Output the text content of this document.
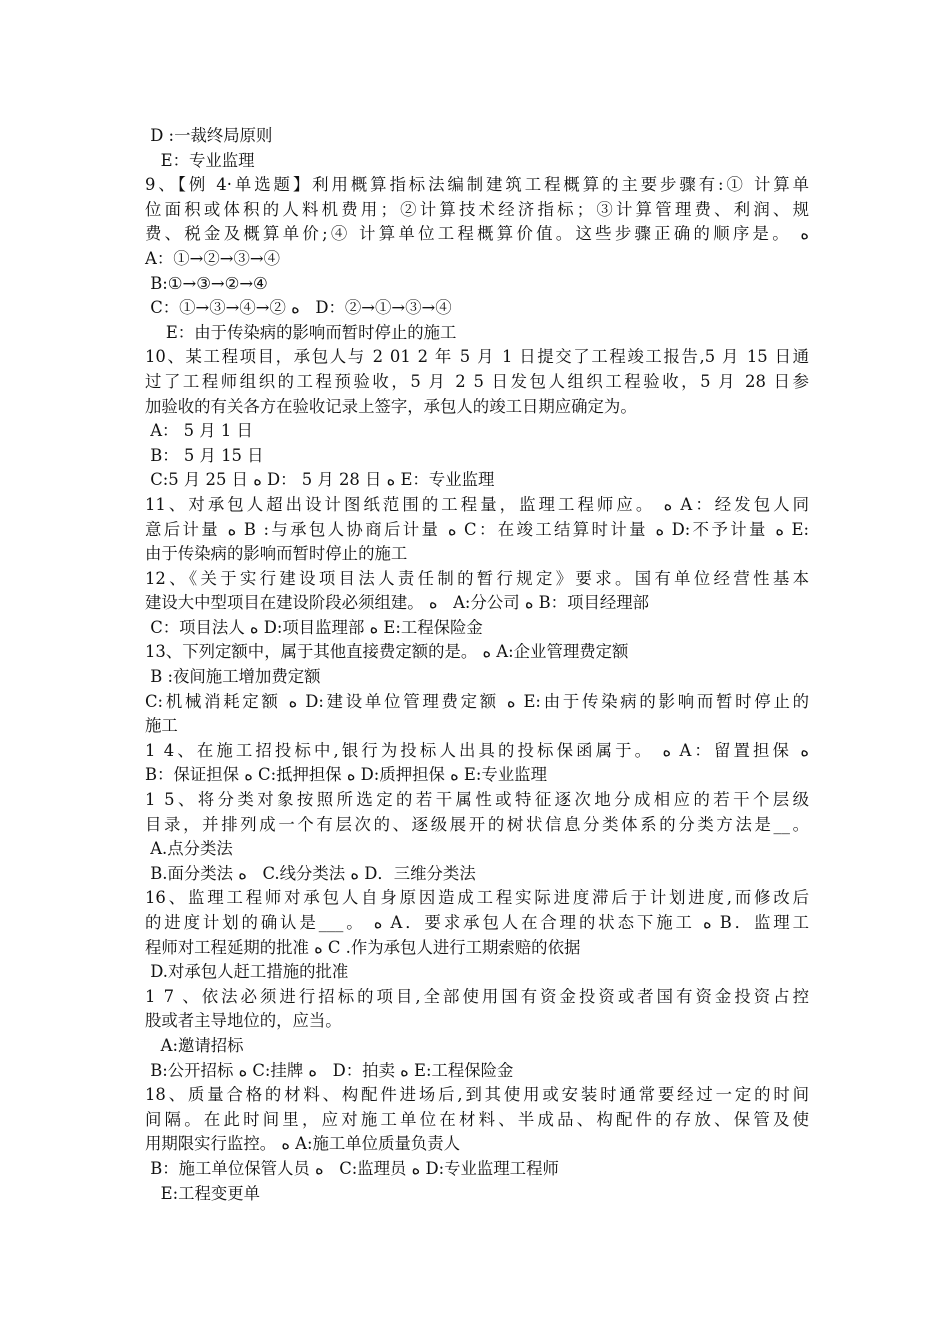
D :一裁终局原则
E：专业监理
9、【例 4·单选题】利用概算指标法编制建筑工程概算的主要步骤有:① 计算单
位面积或体积的人料机费用；②计算技术经济指标；③计算管理费、利润、规
费、税金及概算单价;④ 计算单位工程概算价值。这些步骤正确的顺序是。 ﻩ
A：①→②→③→④
B:①→③→②→④
C：①→③→④→② ﻩ   D：②→①→③→④
E：由于传染病的影响而暂时停止的施工
10、某工程项目，承包人与 2 01 2 年 5 月 1 日提交了工程竣工报告,5 月 15 日通
过了工程师组织的工程预验收，5 月 2 5 日发包人组织工程验收，5 月 28 日参
加验收的有关各方在验收记录上签字，承包人的竣工日期应确定为。
A： 5 月 1 日
B： 5 月 15 日
C:5 月 25 日 ﻩ D： 5 月 28 日 ﻩ E：专业监理
11、对承包人超出设计图纸范围的工程量，监理工程师应。 ﻩ A：经发包人同
意后计量 ﻩ B :与承包人协商后计量 ﻩ C：在竣工结算时计量 ﻩ D:不予计量 ﻩ E:
由于传染病的影响而暂时停止的施工
12、《关于实行建设项目法人责任制的暂行规定》要求。国有单位经营性基本
建设大中型项目在建设阶段必须组建。 ﻩ   A:分公司 ﻩ B：项目经理部
C：项目法人 ﻩ D:项目监理部 ﻩ E:工程保险金
13、下列定额中，属于其他直接费定额的是。 ﻩ A:企业管理费定额
B :夜间施工增加费定额
C:机械消耗定额 ﻩ D:建设单位管理费定额 ﻩ E:由于传染病的影响而暂时停止的
施工
1 4、在施工招投标中,银行为投标人出具的投标保函属于。 ﻩ A：留置担保 ﻩ
B：保证担保 ﻩ C:抵押担保 ﻩ D:质押担保 ﻩ E:专业监理
1 5、将分类对象按照所选定的若干属性或特征逐次地分成相应的若干个层级
目录，并排列成一个有层次的、逐级展开的树状信息分类体系的分类方法是__。
A.点分类法
B.面分类法 ﻩ   C.线分类法 ﻩ D．三维分类法
16、监理工程师对承包人自身原因造成工程实际进度滞后于计划进度,而修改后
的进度计划的确认是___。 ﻩ A．要求承包人在合理的状态下施工 ﻩ B．监理工
程师对工程延期的批准 ﻩ C .作为承包人进行工期索赔的依据
D.对承包人赶工措施的批准
1 7 、依法必须进行招标的项目,全部使用国有资金投资或者国有资金投资占控
股或者主导地位的，应当。
A:邀请招标
B:公开招标 ﻩ C:挂牌 ﻩ   D：拍卖 ﻩ E:工程保险金
18、质量合格的材料、构配件进场后,到其使用或安装时通常要经过一定的时间
间隔。在此时间里，应对施工单位在材料、半成品、构配件的存放、保管及使
用期限实行监控。 ﻩ A:施工单位质量负责人
B：施工单位保管人员 ﻩ   C:监理员 ﻩ D:专业监理工程师
E:工程变更单
